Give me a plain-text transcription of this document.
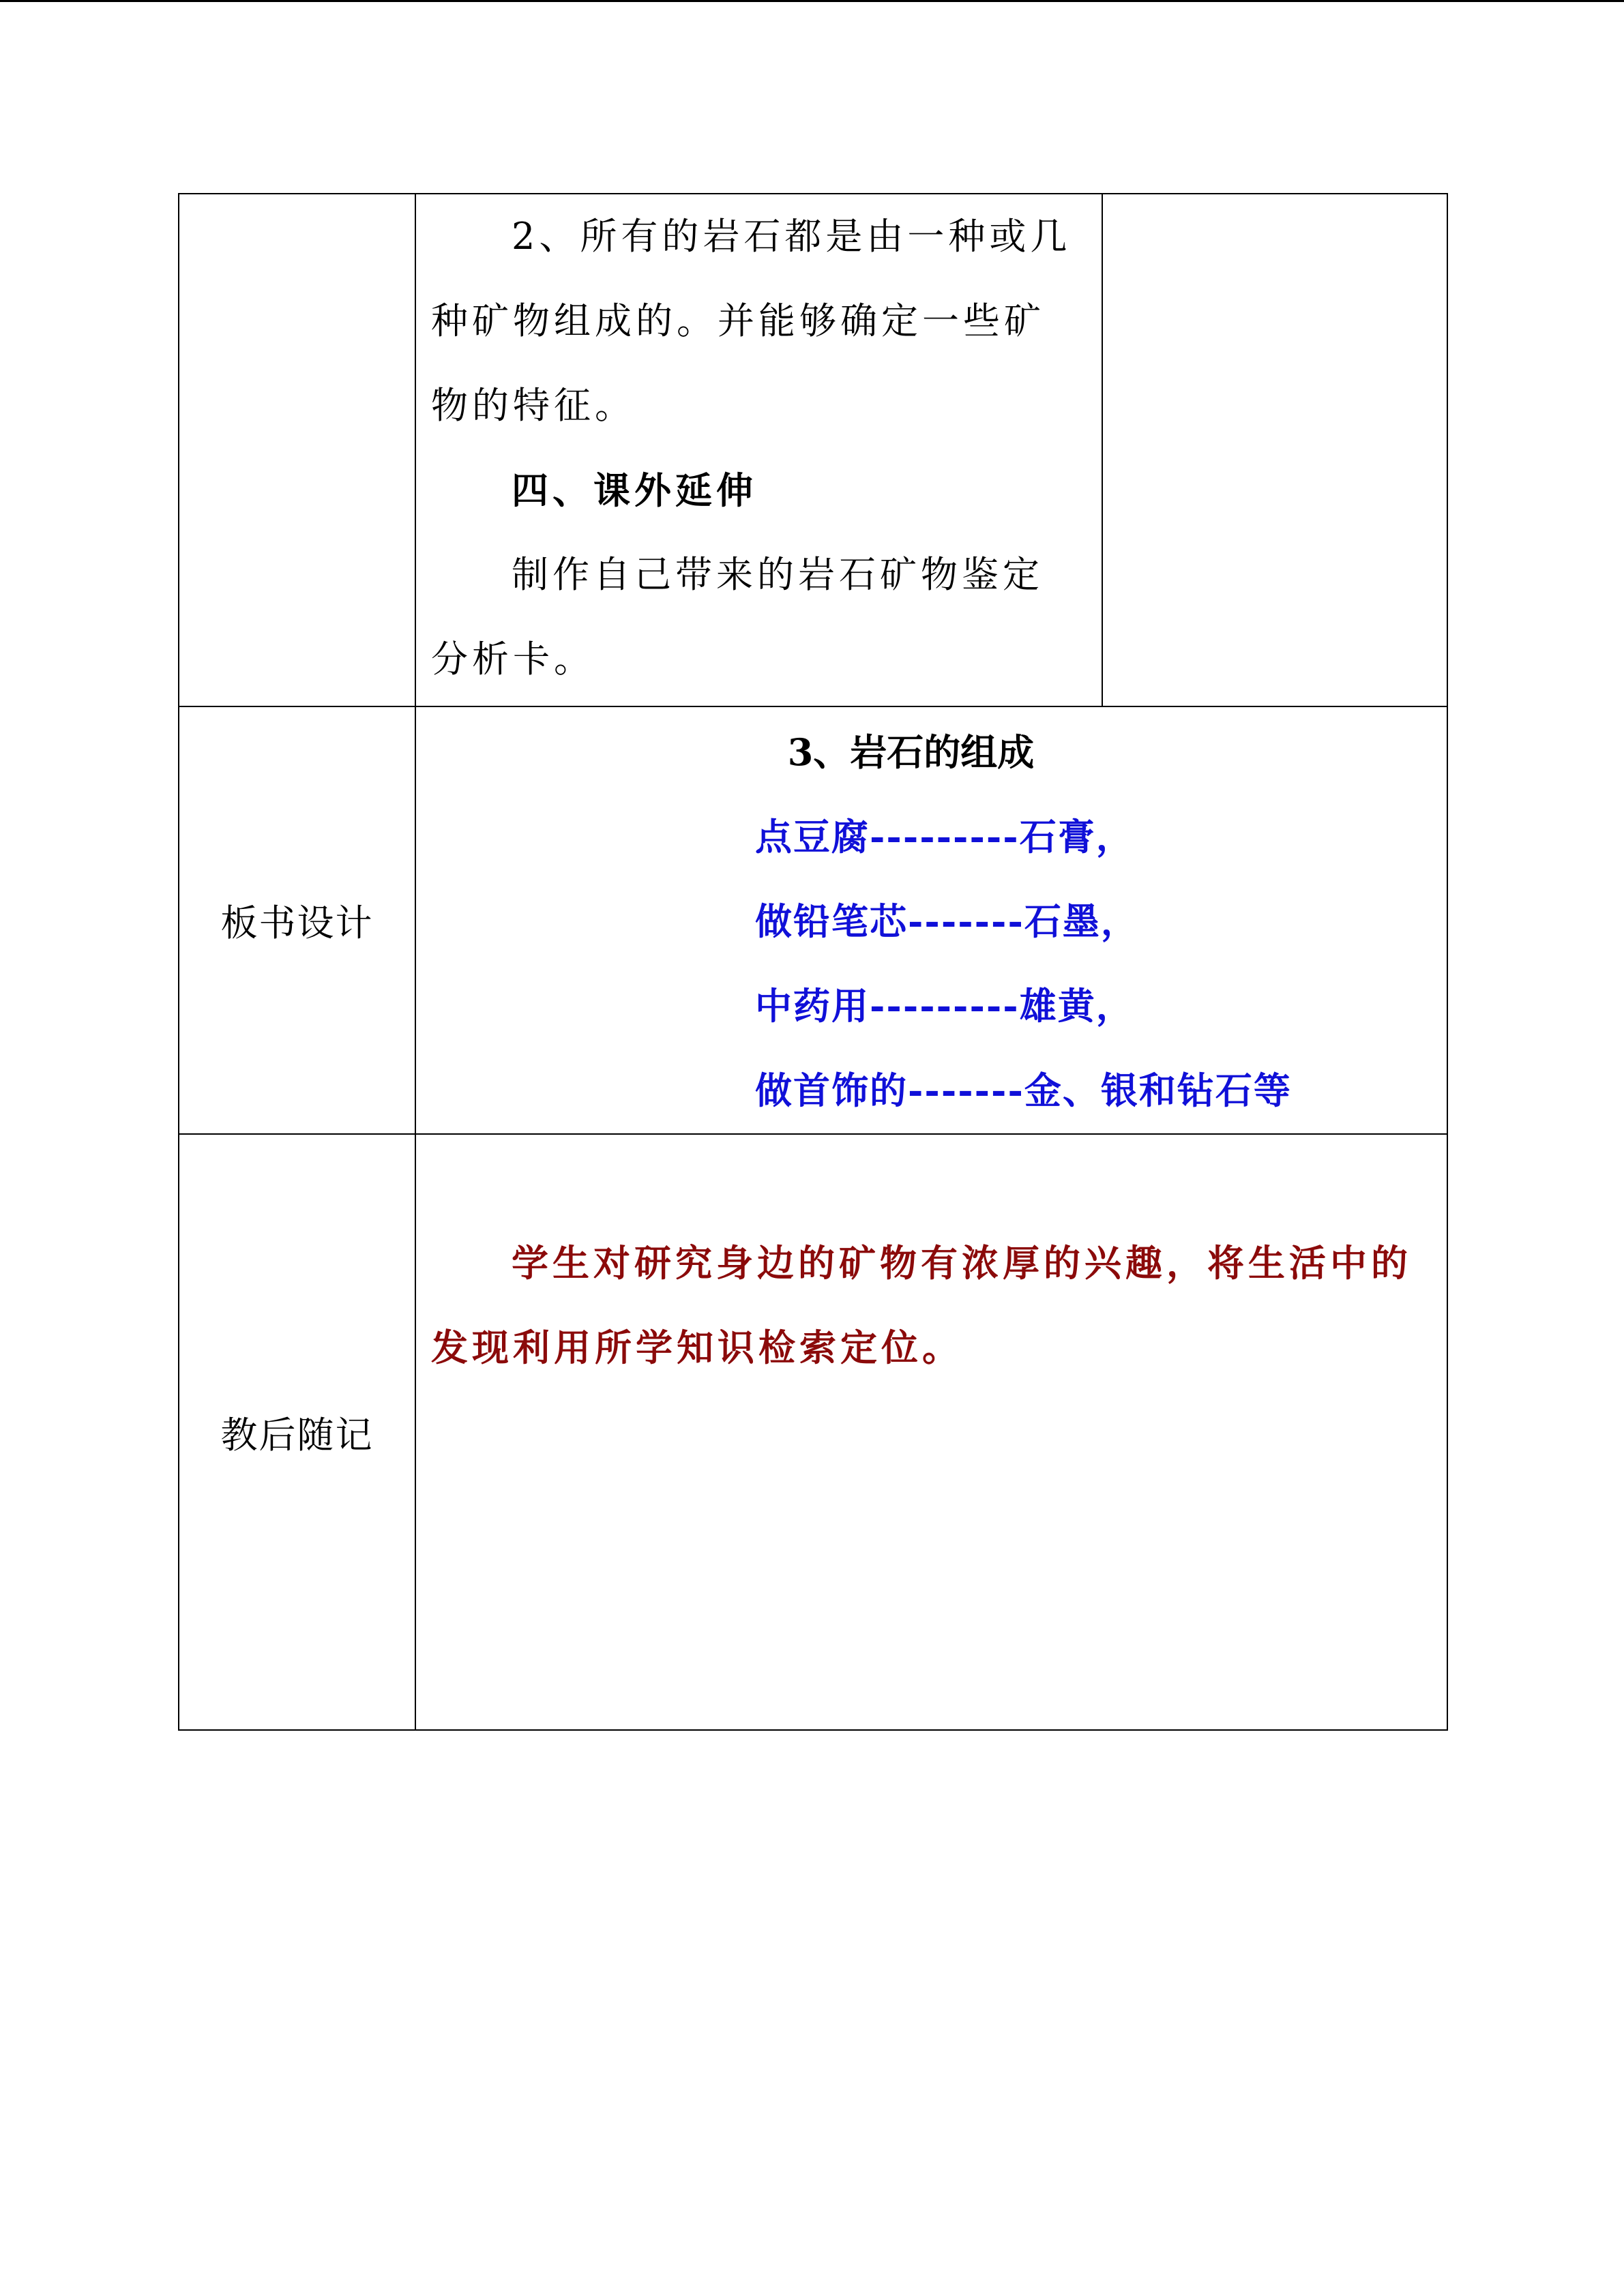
	2、所有的岩石都是由一种或几种矿物组成的。并能够确定一些矿物的特征。

四、课外延伸

制作自己带来的岩石矿物鉴定分析卡。	

板书设计	3、岩石的组成

点豆腐---------石膏，

做铅笔芯-------石墨，

中药用---------雄黄，

做首饰的-------金、银和钻石等	

教后随记	学生对研究身边的矿物有浓厚的兴趣，将生活中的发现利用所学知识检索定位。	
